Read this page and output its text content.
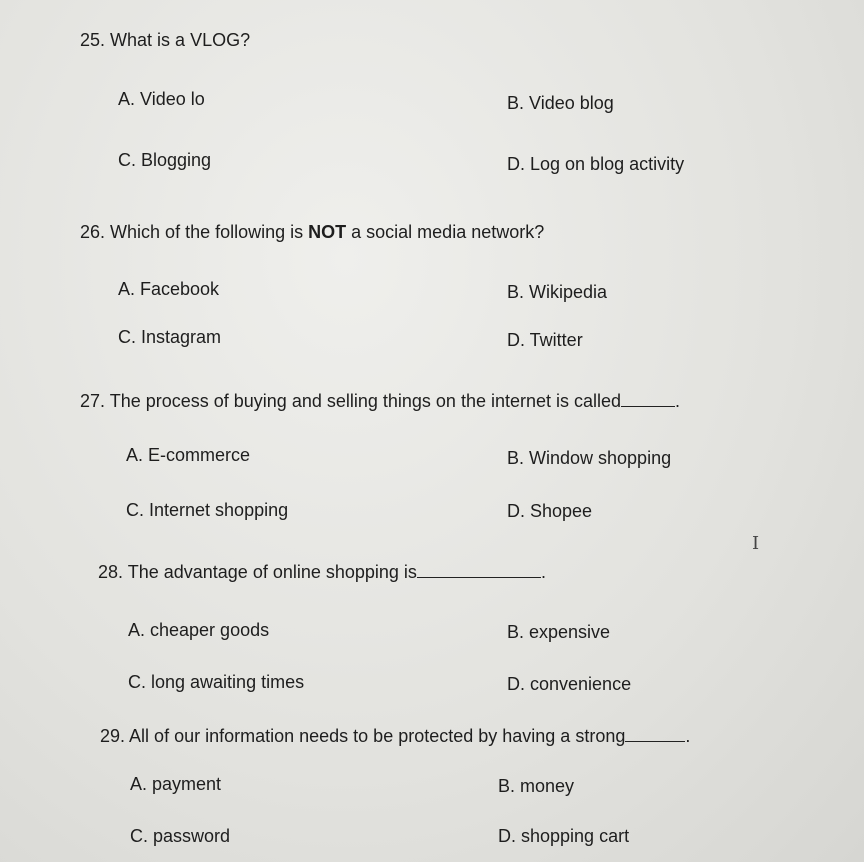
25. What is a VLOG?
A. Video lo	B. Video blog
C. Blogging	D. Log on blog activity
26. Which of the following is NOT a social media network?
A. Facebook	B. Wikipedia
C. Instagram	D. Twitter
27. The process of buying and selling things on the internet is called	.
A. E-commerce	B. Window shopping
C. Internet shopping	D. Shopee
I
28. The advantage of online shopping is	.
A. cheaper goods	B. expensive
C. long awaiting times	D. convenience
29. All of our information needs to be protected by having a strong	.
A. payment	B. money
C. password	D. shopping cart
